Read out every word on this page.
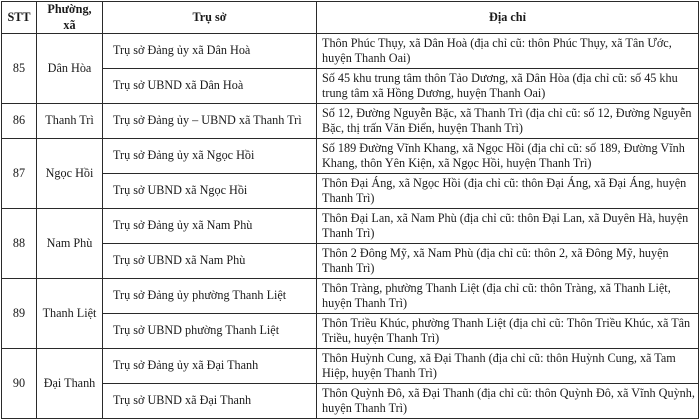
STT	Phường, xã	Trụ sở	Địa chỉ
85	Dân Hòa	Trụ sở Đảng ủy xã Dân Hoà	Thôn Phúc Thụy, xã Dân Hoà (địa chỉ cũ: thôn Phúc Thụy, xã Tân Ước, huyện Thanh Oai)
		Trụ sở UBND xã Dân Hoà	Số 45 khu trung tâm thôn Tảo Dương, xã Dân Hòa (địa chỉ cũ: số 45 khu trung tâm xã Hồng Dương, huyện Thanh Oai)
86	Thanh Trì	Trụ sở Đảng ủy – UBND xã Thanh Trì	Số 12, Đường Nguyễn Bặc, xã Thanh Trì (địa chỉ cũ: số 12, Đường Nguyễn Bặc, thị trấn Văn Điển, huyện Thanh Trì)
87	Ngọc Hồi	Trụ sở Đảng ủy xã Ngọc Hồi	Số 189 Đường Vĩnh Khang, xã Ngọc Hồi (địa chỉ cũ: số 189, Đường Vĩnh Khang, thôn Yên Kiện, xã Ngọc Hồi, huyện Thanh Trì)
		Trụ sở UBND xã Ngọc Hồi	Thôn Đại Áng, xã Ngọc Hồi (địa chỉ cũ: thôn Đại Áng, xã Đại Áng, huyện Thanh Trì)
88	Nam Phù	Trụ sở Đảng ủy xã Nam Phù	Thôn Đại Lan, xã Nam Phù (địa chỉ cũ: thôn Đại Lan, xã Duyên Hà, huyện Thanh Trì)
		Trụ sở UBND xã Nam Phù	Thôn 2 Đông Mỹ, xã Nam Phù (địa chỉ cũ: thôn 2, xã Đông Mỹ, huyện Thanh Trì)
89	Thanh Liệt	Trụ sở Đảng ủy phường Thanh Liệt	Thôn Tràng, phường Thanh Liệt (địa chỉ cũ: thôn Tràng, xã Thanh Liệt, huyện Thanh Trì)
		Trụ sở UBND phường Thanh Liệt	Thôn Triều Khúc, phường Thanh Liệt (địa chỉ cũ: Thôn Triều Khúc, xã Tân Triều, huyện Thanh Trì)
90	Đại Thanh	Trụ sở Đảng ủy xã Đại Thanh	Thôn Huỳnh Cung, xã Đại Thanh (địa chỉ cũ: thôn Huỳnh Cung, xã Tam Hiệp, huyện Thanh Trì)
		Trụ sở UBND xã Đại Thanh	Thôn Quỳnh Đô, xã Đại Thanh (địa chỉ cũ: thôn Quỳnh Đô, xã Vĩnh Quỳnh, huyện Thanh Trì)
